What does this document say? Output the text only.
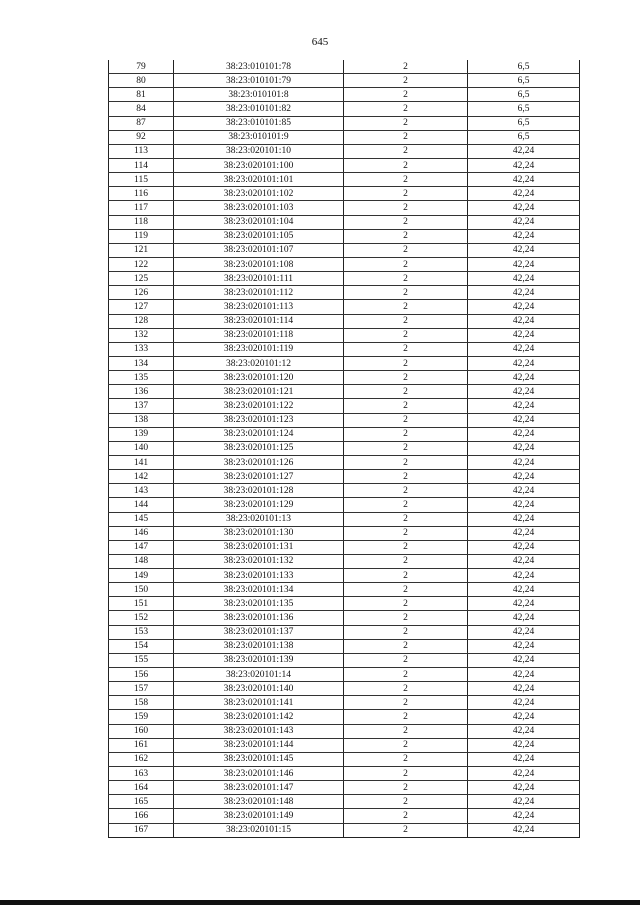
645
79	38:23:010101:78	2	6,5
80	38:23:010101:79	2	6,5
81	38:23:010101:8	2	6,5
84	38:23:010101:82	2	6,5
87	38:23:010101:85	2	6,5
92	38:23:010101:9	2	6,5
113	38:23:020101:10	2	42,24
114	38:23:020101:100	2	42,24
115	38:23:020101:101	2	42,24
116	38:23:020101:102	2	42,24
117	38:23:020101:103	2	42,24
118	38:23:020101:104	2	42,24
119	38:23:020101:105	2	42,24
121	38:23:020101:107	2	42,24
122	38:23:020101:108	2	42,24
125	38:23:020101:111	2	42,24
126	38:23:020101:112	2	42,24
127	38:23:020101:113	2	42,24
128	38:23:020101:114	2	42,24
132	38:23:020101:118	2	42,24
133	38:23:020101:119	2	42,24
134	38:23:020101:12	2	42,24
135	38:23:020101:120	2	42,24
136	38:23:020101:121	2	42,24
137	38:23:020101:122	2	42,24
138	38:23:020101:123	2	42,24
139	38:23:020101:124	2	42,24
140	38:23:020101:125	2	42,24
141	38:23:020101:126	2	42,24
142	38:23:020101:127	2	42,24
143	38:23:020101:128	2	42,24
144	38:23:020101:129	2	42,24
145	38:23:020101:13	2	42,24
146	38:23:020101:130	2	42,24
147	38:23:020101:131	2	42,24
148	38:23:020101:132	2	42,24
149	38:23:020101:133	2	42,24
150	38:23:020101:134	2	42,24
151	38:23:020101:135	2	42,24
152	38:23:020101:136	2	42,24
153	38:23:020101:137	2	42,24
154	38:23:020101:138	2	42,24
155	38:23:020101:139	2	42,24
156	38:23:020101:14	2	42,24
157	38:23:020101:140	2	42,24
158	38:23:020101:141	2	42,24
159	38:23:020101:142	2	42,24
160	38:23:020101:143	2	42,24
161	38:23:020101:144	2	42,24
162	38:23:020101:145	2	42,24
163	38:23:020101:146	2	42,24
164	38:23:020101:147	2	42,24
165	38:23:020101:148	2	42,24
166	38:23:020101:149	2	42,24
167	38:23:020101:15	2	42,24
